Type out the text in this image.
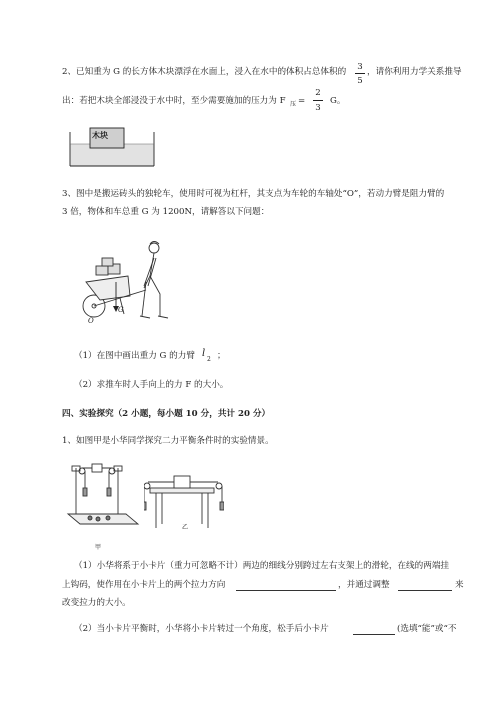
2、已知重为 G 的长方体木块漂浮在水面上，浸入在水中的体积占总体积的 3
5
，请你利用力学关系推导
出：若把木块全部浸没于水中时，至少需要施加的压力为 F 压 =
2
3
G。
木块
3、图中是搬运砖头的独轮车，使用时可视为杠杆，其支点为车轮的车轴处“O”，若动力臂是阻力臂的
3 倍，物体和车总重 G 为 1200N，请解答以下问题：
O
G
（1）在图中画出重力 G 的力臂 l
2 ；
（2）求推车时人手向上的力 F 的大小。
四、实验探究（2 小题，每小题 10 分，共计 20 分）
1、如图甲是小华同学探究二力平衡条件时的实验情景。
甲
乙
（1）小华将系于小卡片（重力可忽略不计）两边的细线分别跨过左右支架上的滑轮，在线的两端挂
上钩码，使作用在小卡片上的两个拉力方向	，并通过调整	来
改变拉力的大小。
（2）当小卡片平衡时，小华将小卡片转过一个角度，松手后小卡片	(选填“能”或“不
